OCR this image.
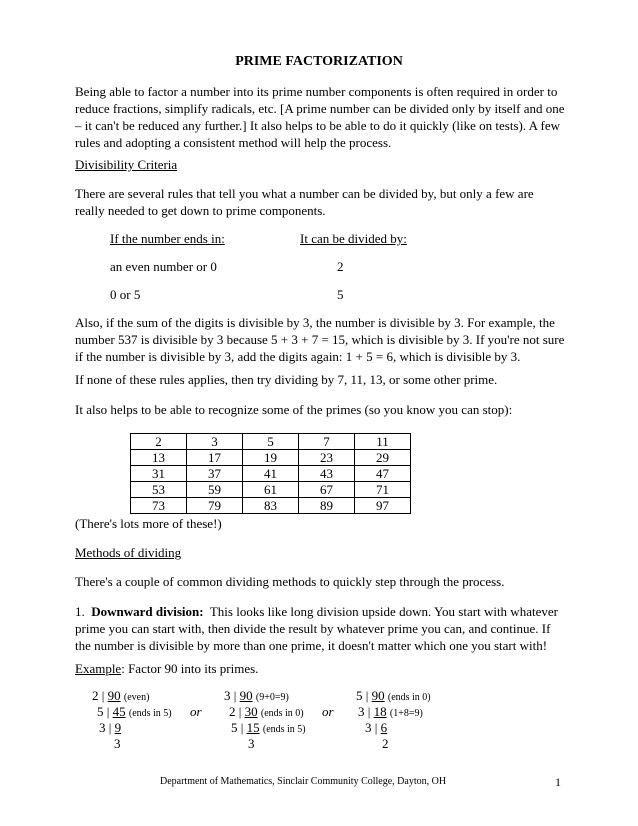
PRIME FACTORIZATION

Being able to factor a number into its prime number components is often required in order to reduce fractions, simplify radicals, etc. [A prime number can be divided only by itself and one – it can't be reduced any further.] It also helps to be able to do it quickly (like on tests). A few rules and adopting a consistent method will help the process.

Divisibility Criteria

There are several rules that tell you what a number can be divided by, but only a few are really needed to get down to prime components.

If the number ends in:	It can be divided by:
an even number or 0	2
0 or 5	5

Also, if the sum of the digits is divisible by 3, the number is divisible by 3. For example, the number 537 is divisible by 3 because 5 + 3 + 7 = 15, which is divisible by 3. If you're not sure if the number is divisible by 3, add the digits again: 1 + 5 = 6, which is divisible by 3.

If none of these rules applies, then try dividing by 7, 11, 13, or some other prime.

It also helps to be able to recognize some of the primes (so you know you can stop):

2	3	5	7	11
13	17	19	23	29
31	37	41	43	47
53	59	61	67	71
73	79	83	89	97

(There's lots more of these!)

Methods of dividing

There's a couple of common dividing methods to quickly step through the process.

1. Downward division: This looks like long division upside down. You start with whatever prime you can start with, then divide the result by whatever prime you can, and continue. If the number is divisible by more than one prime, it doesn't matter which one you start with!

Example: Factor 90 into its primes.

2 | 90 (even)
5 | 45 (ends in 5)
3 | 9
3
or
3 | 90 (9+0=9)
2 | 30 (ends in 0)
5 | 15 (ends in 5)
3
or
5 | 90 (ends in 0)
3 | 18 (1+8=9)
3 | 6
2
Department of Mathematics, Sinclair Community College, Dayton, OH	1
